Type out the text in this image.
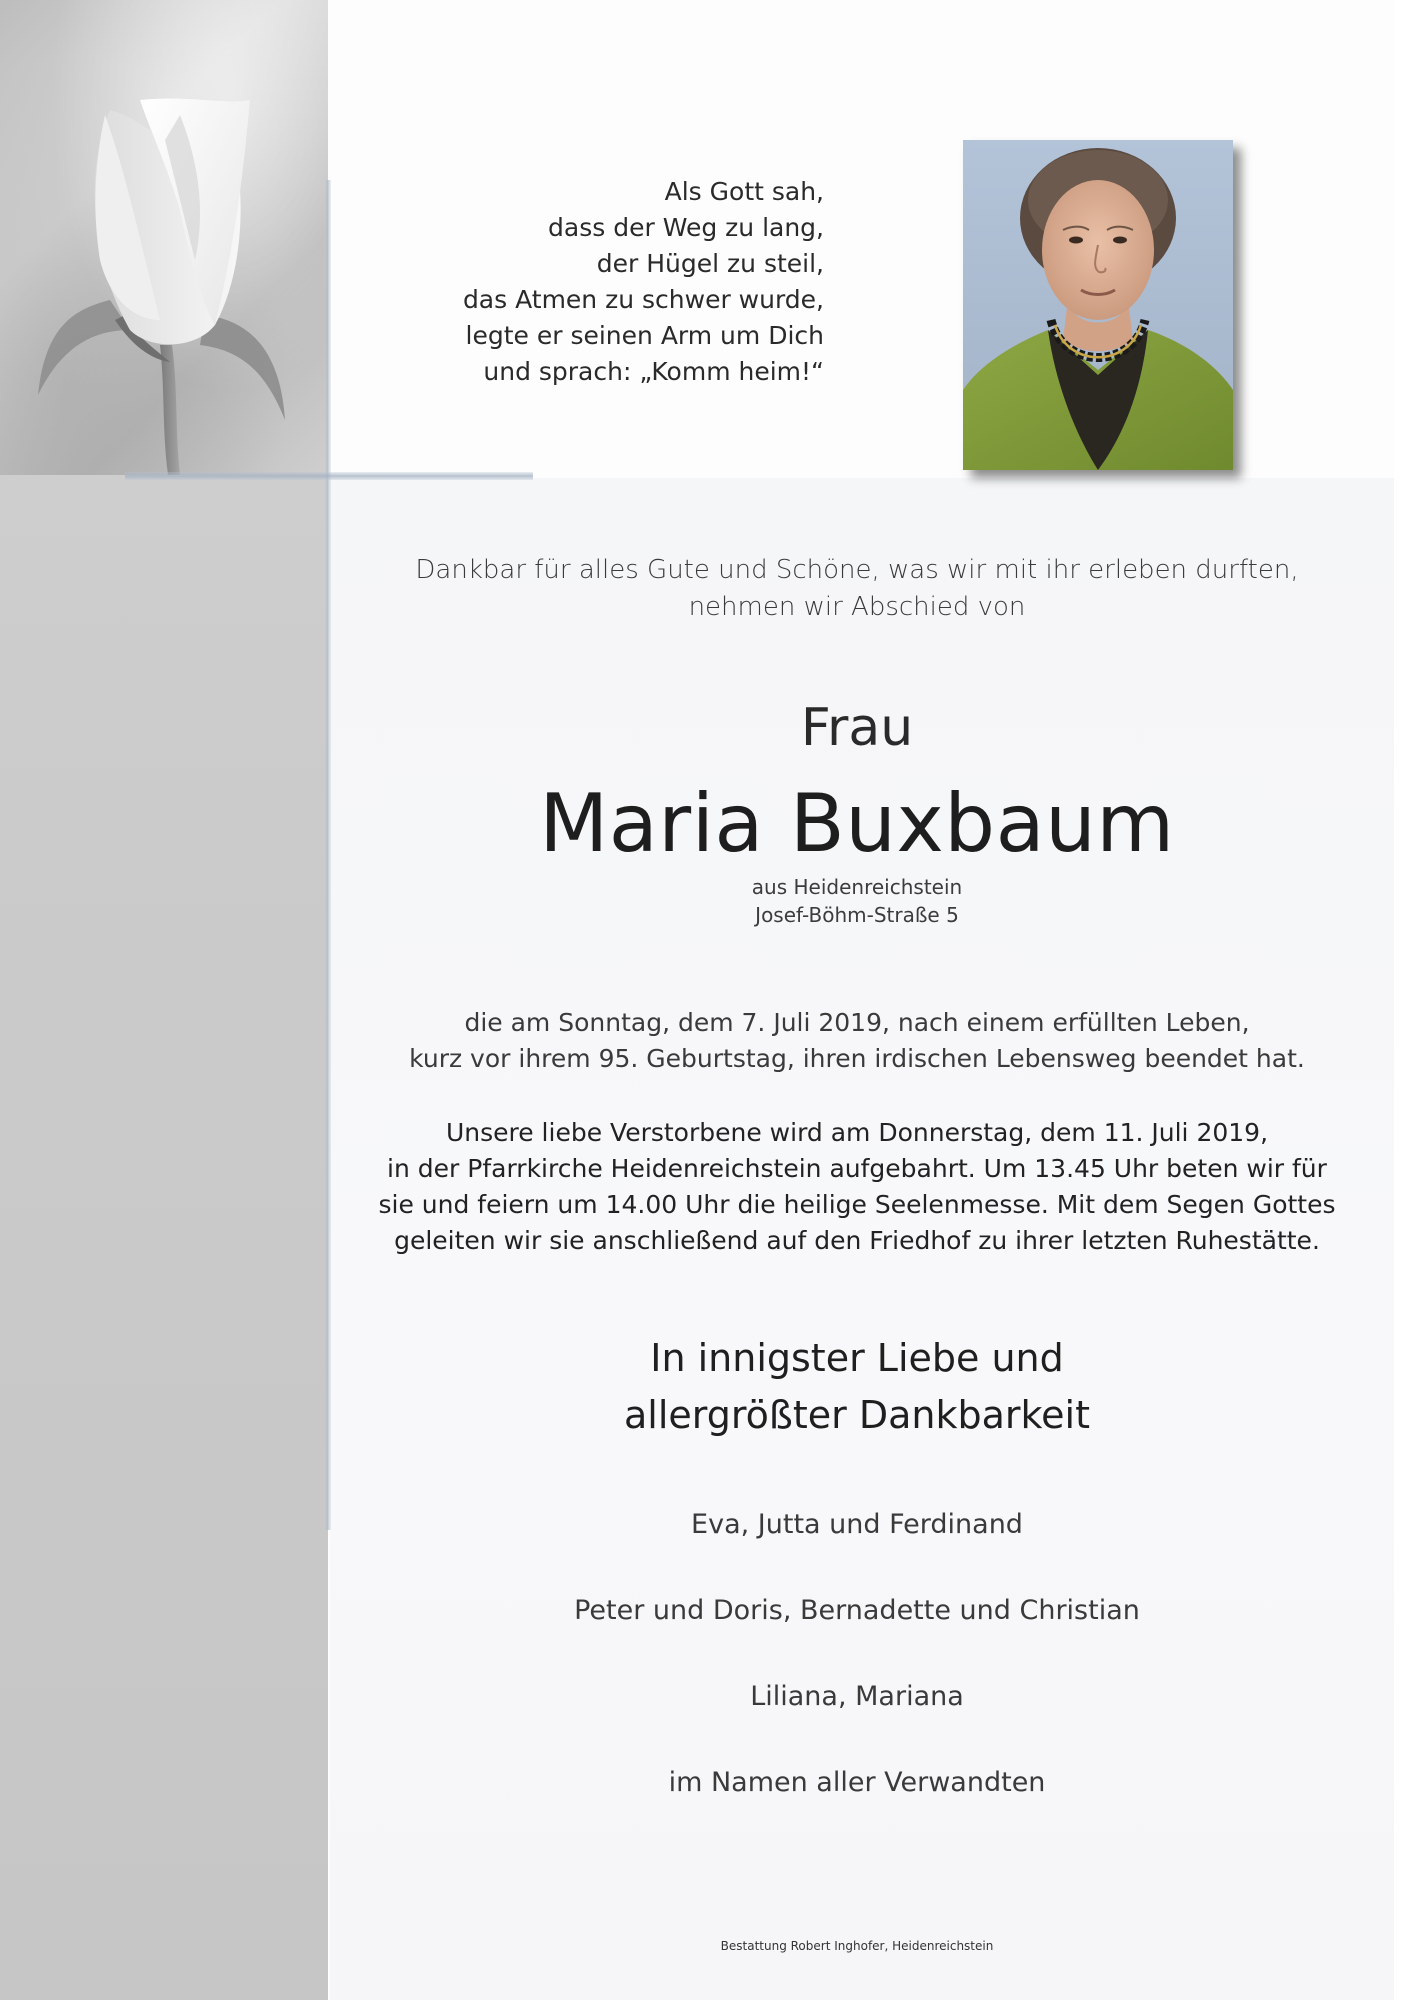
Als Gott sah,
dass der Weg zu lang,
der Hügel zu steil,
das Atmen zu schwer wurde,
legte er seinen Arm um Dich
und sprach: „Komm heim!“
Dankbar für alles Gute und Schöne, was wir mit ihr erleben durften,
nehmen wir Abschied von
Frau
Maria Buxbaum
aus Heidenreichstein
Josef-Böhm-Straße 5
die am Sonntag, dem 7. Juli 2019, nach einem erfüllten Leben,
kurz vor ihrem 95. Geburtstag, ihren irdischen Lebensweg beendet hat.
Unsere liebe Verstorbene wird am Donnerstag, dem 11. Juli 2019,
in der Pfarrkirche Heidenreichstein aufgebahrt. Um 13.45 Uhr beten wir für
sie und feiern um 14.00 Uhr die heilige Seelenmesse. Mit dem Segen Gottes
geleiten wir sie anschließend auf den Friedhof zu ihrer letzten Ruhestätte.
In innigster Liebe und
allergrößter Dankbarkeit
Eva, Jutta und Ferdinand
Peter und Doris, Bernadette und Christian
Liliana, Mariana
im Namen aller Verwandten
Bestattung Robert Inghofer, Heidenreichstein
